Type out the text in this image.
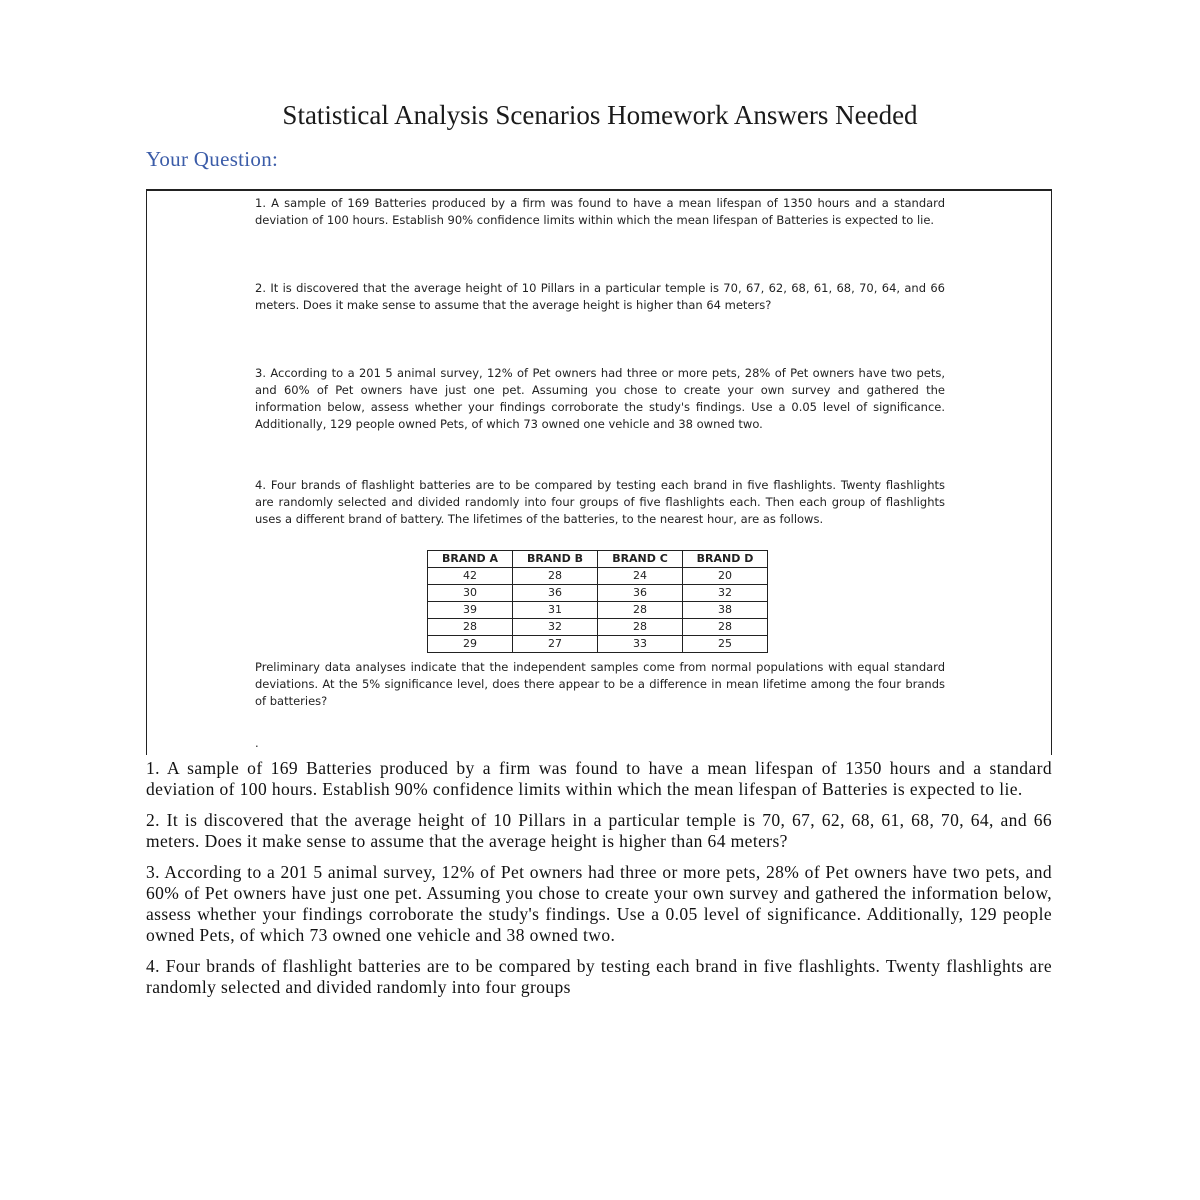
Statistical Analysis Scenarios Homework Answers Needed
Your Question:

1. A sample of 169 Batteries produced by a firm was found to have a mean lifespan of 1350 hours and a standard deviation of 100 hours. Establish 90% confidence limits within which the mean lifespan of Batteries is expected to lie.

2. It is discovered that the average height of 10 Pillars in a particular temple is 70, 67, 62, 68, 61, 68, 70, 64, and 66 meters. Does it make sense to assume that the average height is higher than 64 meters?

3. According to a 201 5 animal survey, 12% of Pet owners had three or more pets, 28% of Pet owners have two pets, and 60% of Pet owners have just one pet. Assuming you chose to create your own survey and gathered the information below, assess whether your findings corroborate the study's findings. Use a 0.05 level of significance. Additionally, 129 people owned Pets, of which 73 owned one vehicle and 38 owned two.

4. Four brands of flashlight batteries are to be compared by testing each brand in five flashlights. Twenty flashlights are randomly selected and divided randomly into four groups of five flashlights each. Then each group of flashlights uses a different brand of battery. The lifetimes of the batteries, to the nearest hour, are as follows.

BRAND A	BRAND B	BRAND C	BRAND D
42	28	24	20
30	36	36	32
39	31	28	38
28	32	28	28
29	27	33	25

Preliminary data analyses indicate that the independent samples come from normal populations with equal standard deviations. At the 5% significance level, does there appear to be a difference in mean lifetime among the four brands of batteries?

.

1. A sample of 169 Batteries produced by a firm was found to have a mean lifespan of 1350 hours and a standard deviation of 100 hours. Establish 90% confidence limits within which the mean lifespan of Batteries is expected to lie.

2. It is discovered that the average height of 10 Pillars in a particular temple is 70, 67, 62, 68, 61, 68, 70, 64, and 66 meters. Does it make sense to assume that the average height is higher than 64 meters?

3. According to a 201 5 animal survey, 12% of Pet owners had three or more pets, 28% of Pet owners have two pets, and 60% of Pet owners have just one pet. Assuming you chose to create your own survey and gathered the information below, assess whether your findings corroborate the study's findings. Use a 0.05 level of significance. Additionally, 129 people owned Pets, of which 73 owned one vehicle and 38 owned two.

4. Four brands of flashlight batteries are to be compared by testing each brand in five flashlights. Twenty flashlights are randomly selected and divided randomly into four groups
